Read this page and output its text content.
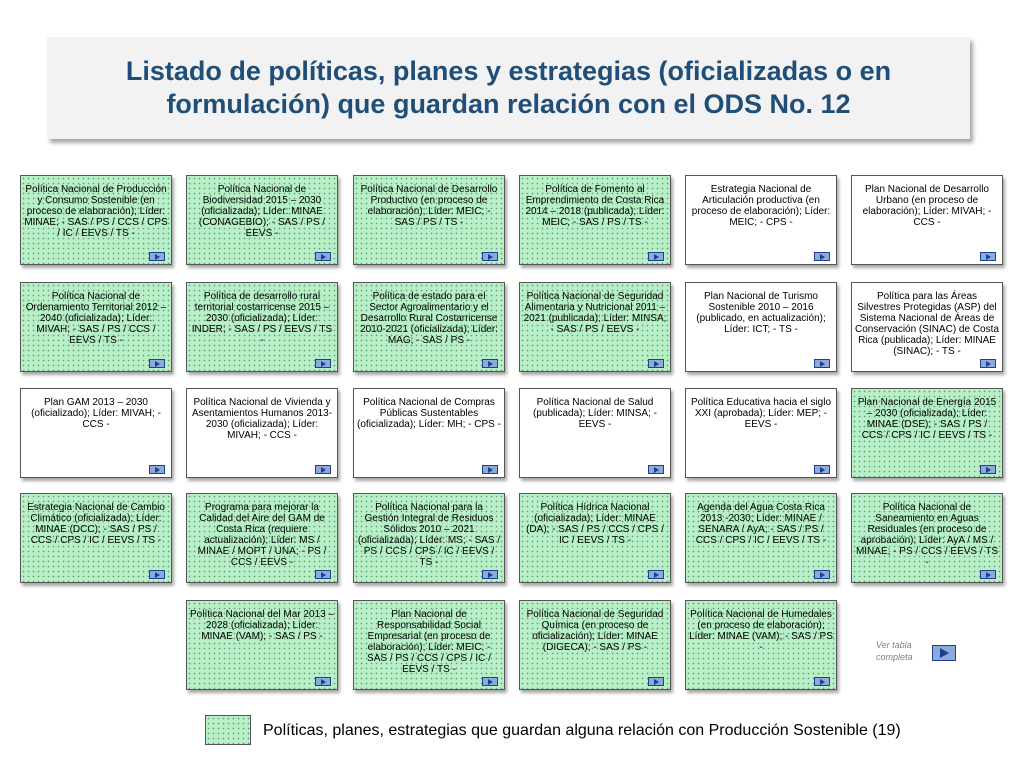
Listado de políticas, planes y estrategias (oficializadas o en formulación) que guardan relación con el ODS No. 12
Política Nacional de Producción y Consumo Sostenible (en proceso de elaboración); Líder: MINAE; - SAS / PS / CCS / CPS / IC / EEVS / TS -
Política Nacional de Biodiversidad 2015 – 2030 (oficializada); Líder: MINAE (CONAGEBIO); - SAS / PS / EEVS -
Política Nacional de Desarrollo Productivo (en proceso de elaboración); Líder: MEIC; - SAS / PS / TS -
Política de Fomento al Emprendimiento de Costa Rica 2014 – 2018 (publicada); Líder: MEIC; - SAS / PS / TS -
Estrategia Nacional de Articulación productiva (en proceso de elaboración); Líder: MEIC; - CPS -
Plan Nacional de Desarrollo Urbano (en proceso de elaboración); Líder: MIVAH; - CCS -
Política Nacional de Ordenamiento Territorial 2012 – 2040 (oficializada); Líder: MIVAH; - SAS / PS / CCS / EEVS / TS -
Política de desarrollo rural territorial costarricense 2015 – 2030 (oficializada); Líder: INDER; - SAS / PS / EEVS / TS -
Política de estado para el Sector Agroalimentario y el Desarrollo Rural Costarricense 2010-2021 (oficializada); Líder: MAG; - SAS / PS -
Política Nacional de Seguridad Alimentaria y Nutricional 2011 – 2021 (publicada); Líder: MINSA; - SAS / PS / EEVS -
Plan Nacional de Turismo Sostenible 2010 – 2016 (publicado, en actualización); Líder: ICT; - TS -
Política para las Áreas Silvestres Protegidas (ASP) del Sistema Nacional de Áreas de Conservación (SINAC) de Costa Rica (publicada); Líder: MINAE (SINAC); - TS -
Plan GAM 2013 – 2030 (oficializado); Líder: MIVAH; - CCS -
Política Nacional de Vivienda y Asentamientos Humanos 2013-2030 (oficializada); Líder: MIVAH; - CCS -
Política Nacional de Compras Públicas Sustentables (oficializada); Líder: MH; - CPS -
Política Nacional de Salud (publicada); Líder: MINSA; - EEVS -
Política Educativa hacia el siglo XXI (aprobada); Líder: MEP; - EEVS -
Plan Nacional de Energía 2015 – 2030 (oficializada); Líder: MINAE (DSE); - SAS / PS / CCS / CPS / IC / EEVS / TS -
Estrategia Nacional de Cambio Climático (oficializada); Líder: MINAE (DCC); - SAS / PS / CCS / CPS / IC / EEVS / TS -
Programa para mejorar la Calidad del Aire del GAM de Costa Rica (requiere actualización); Líder: MS / MINAE / MOPT / UNA; - PS / CCS / EEVS -
Política Nacional para la Gestión Integral de Residuos Sólidos 2010 – 2021 (oficializada); Líder: MS; - SAS / PS / CCS / CPS / IC / EEVS / TS -
Política Hídrica Nacional (oficializada); Líder: MINAE (DA); - SAS / PS / CCS / CPS / IC / EEVS / TS -
Agenda del Agua Costa Rica 2013 -2030; Líder: MINAE / SENARA / AyA; - SAS / PS / CCS / CPS / IC / EEVS / TS -
Política Nacional de Saneamiento en Aguas Residuales (en proceso de aprobación); Líder: AyA / MS / MINAE; - PS / CCS / EEVS / TS -
Política Nacional del Mar 2013 – 2028 (oficializada); Líder: MINAE (VAM); - SAS / PS -
Plan Nacional de Responsabilidad Social Empresarial (en proceso de elaboración); Líder: MEIC; - SAS / PS / CCS / CPS / IC / EEVS / TS -
Política Nacional de Seguridad Química (en proceso de oficialización); Líder: MINAE (DIGECA); - SAS / PS -
Política Nacional de Humedales (en proceso de elaboración); Líder: MINAE (VAM); - SAS / PS -	Ver tabla completa
Políticas, planes, estrategias que guardan alguna relación con Producción Sostenible (19)
